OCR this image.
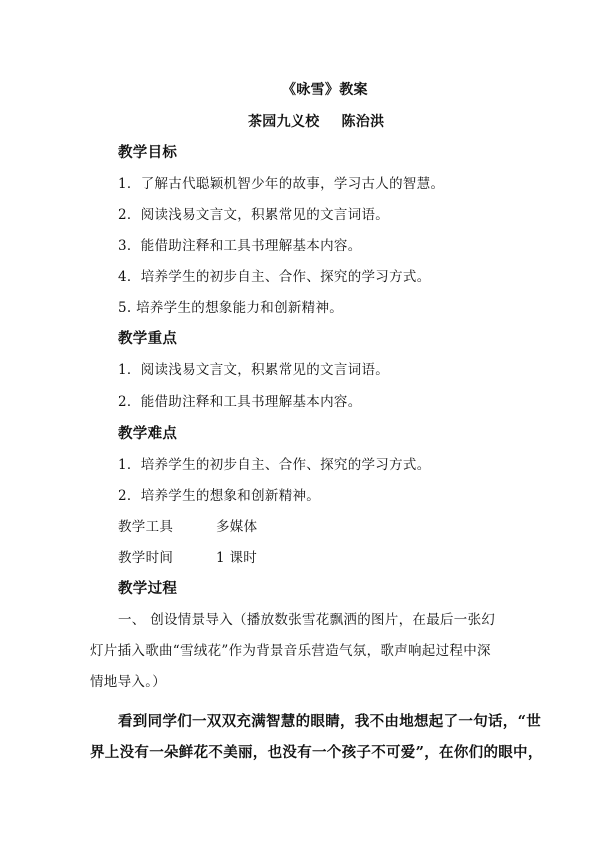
《咏雪》教案
茶园九义校 陈治洪
教学目标
1．了解古代聪颖机智少年的故事，学习古人的智慧。
2．阅读浅易文言文，积累常见的文言词语。
3．能借助注释和工具书理解基本内容。
4．培养学生的初步自主、合作、探究的学习方式。
5. 培养学生的想象能力和创新精神。
教学重点
1．阅读浅易文言文，积累常见的文言词语。
2．能借助注释和工具书理解基本内容。
教学难点
1．培养学生的初步自主、合作、探究的学习方式。
2．培养学生的想象和创新精神。
教学工具	多媒体
教学时间	1 课时
教学过程
一、 创设情景导入（播放数张雪花飘洒的图片，在最后一张幻
灯片插入歌曲“雪绒花”作为背景音乐营造气氛，歌声响起过程中深
情地导入。）
看到同学们一双双充满智慧的眼睛，我不由地想起了一句话，“世
界上没有一朵鲜花不美丽，也没有一个孩子不可爱”，在你们的眼中，
